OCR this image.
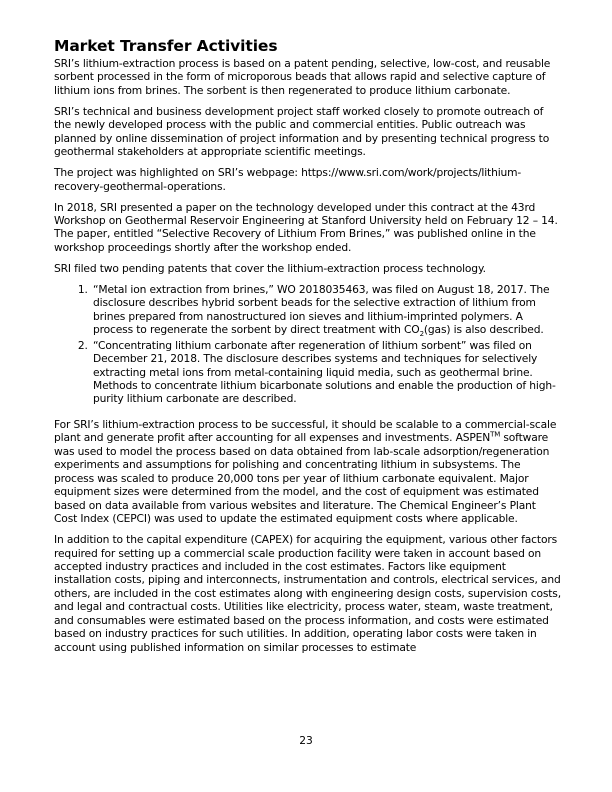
Market Transfer Activities

SRI’s lithium-extraction process is based on a patent pending, selective, low-cost, and reusable sorbent processed in the form of microporous beads that allows rapid and selective capture of lithium ions from brines. The sorbent is then regenerated to produce lithium carbonate.

SRI’s technical and business development project staff worked closely to promote outreach of the newly developed process with the public and commercial entities. Public outreach was planned by online dissemination of project information and by presenting technical progress to geothermal stakeholders at appropriate scientific meetings.

The project was highlighted on SRI’s webpage: https://www.sri.com/work/projects/lithium-recovery-geothermal-operations.

In 2018, SRI presented a paper on the technology developed under this contract at the 43rd Workshop on Geothermal Reservoir Engineering at Stanford University held on February 12 – 14. The paper, entitled “Selective Recovery of Lithium From Brines,” was published online in the workshop proceedings shortly after the workshop ended.

SRI filed two pending patents that cover the lithium-extraction process technology.

1. “Metal ion extraction from brines,” WO 2018035463, was filed on August 18, 2017. The disclosure describes hybrid sorbent beads for the selective extraction of lithium from brines prepared from nanostructured ion sieves and lithium-imprinted polymers. A process to regenerate the sorbent by direct treatment with $CO_2(gas)$ is also described.
2. “Concentrating lithium carbonate after regeneration of lithium sorbent” was filed on December 21, 2018. The disclosure describes systems and techniques for selectively extracting metal ions from metal-containing liquid media, such as geothermal brine. Methods to concentrate lithium bicarbonate solutions and enable the production of high-purity lithium carbonate are described.

For SRI’s lithium-extraction process to be successful, it should be scalable to a commercial-scale plant and generate profit after accounting for all expenses and investments. ASPEN™ software was used to model the process based on data obtained from lab-scale adsorption/regeneration experiments and assumptions for polishing and concentrating lithium in subsystems. The process was scaled to produce 20,000 tons per year of lithium carbonate equivalent. Major equipment sizes were determined from the model, and the cost of equipment was estimated based on data available from various websites and literature. The Chemical Engineer’s Plant Cost Index (CEPCI) was used to update the estimated equipment costs where applicable.

In addition to the capital expenditure (CAPEX) for acquiring the equipment, various other factors required for setting up a commercial scale production facility were taken in account based on accepted industry practices and included in the cost estimates. Factors like equipment installation costs, piping and interconnects, instrumentation and controls, electrical services, and others, are included in the cost estimates along with engineering design costs, supervision costs, and legal and contractual costs. Utilities like electricity, process water, steam, waste treatment, and consumables were estimated based on the process information, and costs were estimated based on industry practices for such utilities. In addition, operating labor costs were taken in account using published information on similar processes to estimate

23
